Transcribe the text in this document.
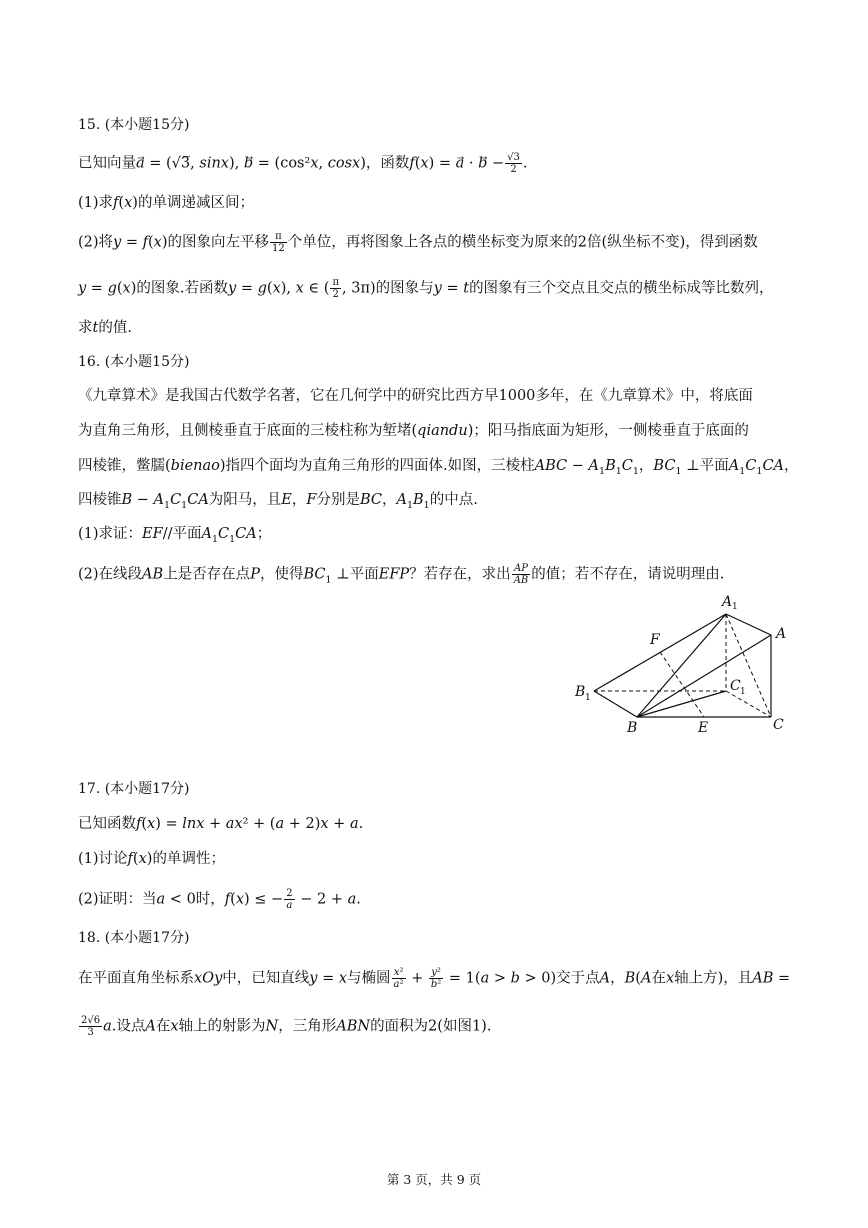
15. (本小题15分)
已知向量a⃗ = (√3̅, sinx), b⃗ = (cos²x, cosx)，函数f(x) = a⃗ · b⃗ − $\frac{√3}{2}$ .
(1)求f(x)的单调递减区间；
(2)将y = f(x)的图象向左平移 $\frac{\pi}{12}$ 个单位，再将图象上各点的横坐标变为原来的2倍(纵坐标不变)，得到函数
y = g(x)的图象.若函数y = g(x), x ∈ ( $\frac{\pi}{2}$ , 3π)的图象与y = t的图象有三个交点且交点的横坐标成等比数列，
求t的值.
16. (本小题15分)
《九章算术》是我国古代数学名著，它在几何学中的研究比西方早1000多年，在《九章算术》中，将底面
为直角三角形，且侧棱垂直于底面的三棱柱称为堑堵(qiandu)；阳马指底面为矩形，一侧棱垂直于底面的
四棱锥，鳖臑(bienao)指四个面均为直角三角形的四面体.如图，三棱柱ABC − $A_1B_1C_1$，$BC_1$ ⊥平面$A_1C_1CA$，
四棱锥$B - A_1C_1CA$为阳马，且E，F分别是BC，$A_1B_1$的中点.
(1)求证：EF//平面$A_1C_1CA$；
(2)在线段AB上是否存在点P，使得$BC_1$ ⊥平面EFP？若存在，求出 $\frac{AP}{AB}$ 的值；若不存在，请说明理由.
A 1
A
F
C 1
B 1
B	E	C
17. (本小题17分)
已知函数f(x) = lnx + ax² + (a + 2)x + a.
(1)讨论f(x)的单调性；
(2)证明：当a < 0时，f(x) ≤ − $\frac{2}{a} - 2 + a$.
18. (本小题17分)
在平面直角坐标系xOy中，已知直线y = x与椭圆 $\frac{\text{x²}}{\text{a²}} + \frac{\text{y²}}{\text{b²}} = 1(a > b > 0)$交于点A，B(A在x轴上方)，且AB =
$\frac{2√6}{3} a$.设点A在x轴上的射影为N，三角形ABN的面积为2(如图1).
第 3 页，共 9 页
